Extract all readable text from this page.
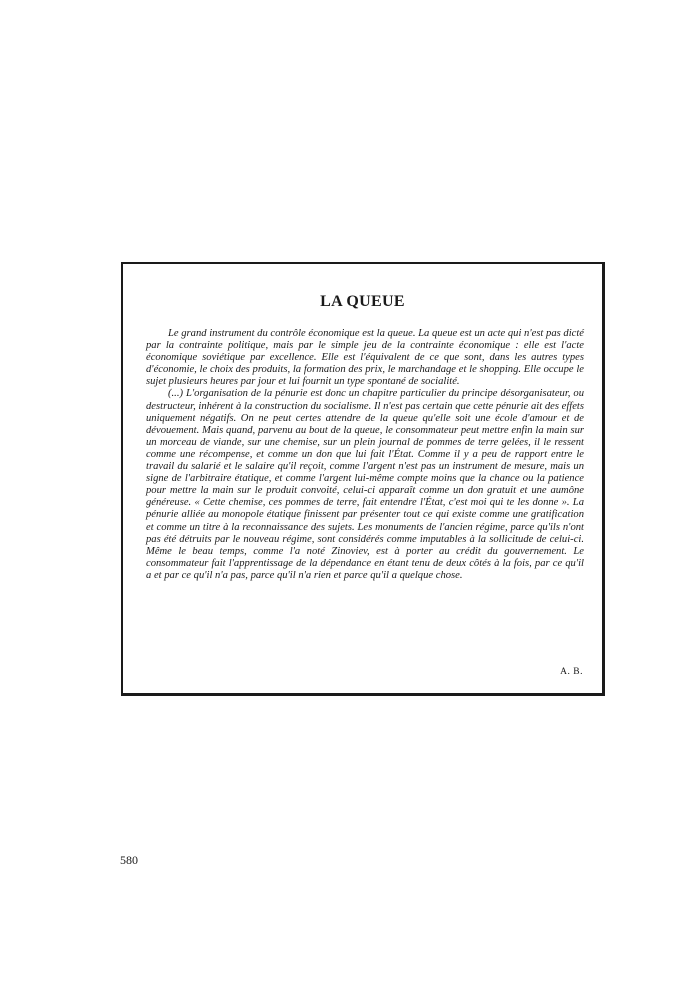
LA QUEUE

Le grand instrument du contrôle économique est la queue. La queue est un acte qui n'est pas dicté par la contrainte politique, mais par le simple jeu de la contrainte économique : elle est l'acte économique soviétique par excellence. Elle est l'équivalent de ce que sont, dans les autres types d'économie, le choix des produits, la formation des prix, le marchandage et le shopping. Elle occupe le sujet plusieurs heures par jour et lui fournit un type spontané de socialité.

(...) L'organisation de la pénurie est donc un chapitre particulier du principe désorganisateur, ou destructeur, inhérent à la construction du socialisme. Il n'est pas certain que cette pénurie ait des effets uniquement négatifs. On ne peut certes attendre de la queue qu'elle soit une école d'amour et de dévouement. Mais quand, parvenu au bout de la queue, le consommateur peut mettre enfin la main sur un morceau de viande, sur une chemise, sur un plein journal de pommes de terre gelées, il le ressent comme une récompense, et comme un don que lui fait l'État. Comme il y a peu de rapport entre le travail du salarié et le salaire qu'il reçoit, comme l'argent n'est pas un instrument de mesure, mais un signe de l'arbitraire étatique, et comme l'argent lui-même compte moins que la chance ou la patience pour mettre la main sur le produit convoité, celui-ci apparaît comme un don gratuit et une aumône généreuse. « Cette chemise, ces pommes de terre, fait entendre l'État, c'est moi qui te les donne ». La pénurie alliée au monopole étatique finissent par présenter tout ce qui existe comme une gratification et comme un titre à la reconnaissance des sujets. Les monuments de l'ancien régime, parce qu'ils n'ont pas été détruits par le nouveau régime, sont considérés comme imputables à la sollicitude de celui-ci. Même le beau temps, comme l'a noté Zinoviev, est à porter au crédit du gouvernement. Le consommateur fait l'apprentissage de la dépendance en étant tenu de deux côtés à la fois, par ce qu'il a et par ce qu'il n'a pas, parce qu'il n'a rien et parce qu'il a quelque chose.

A. B.

580
